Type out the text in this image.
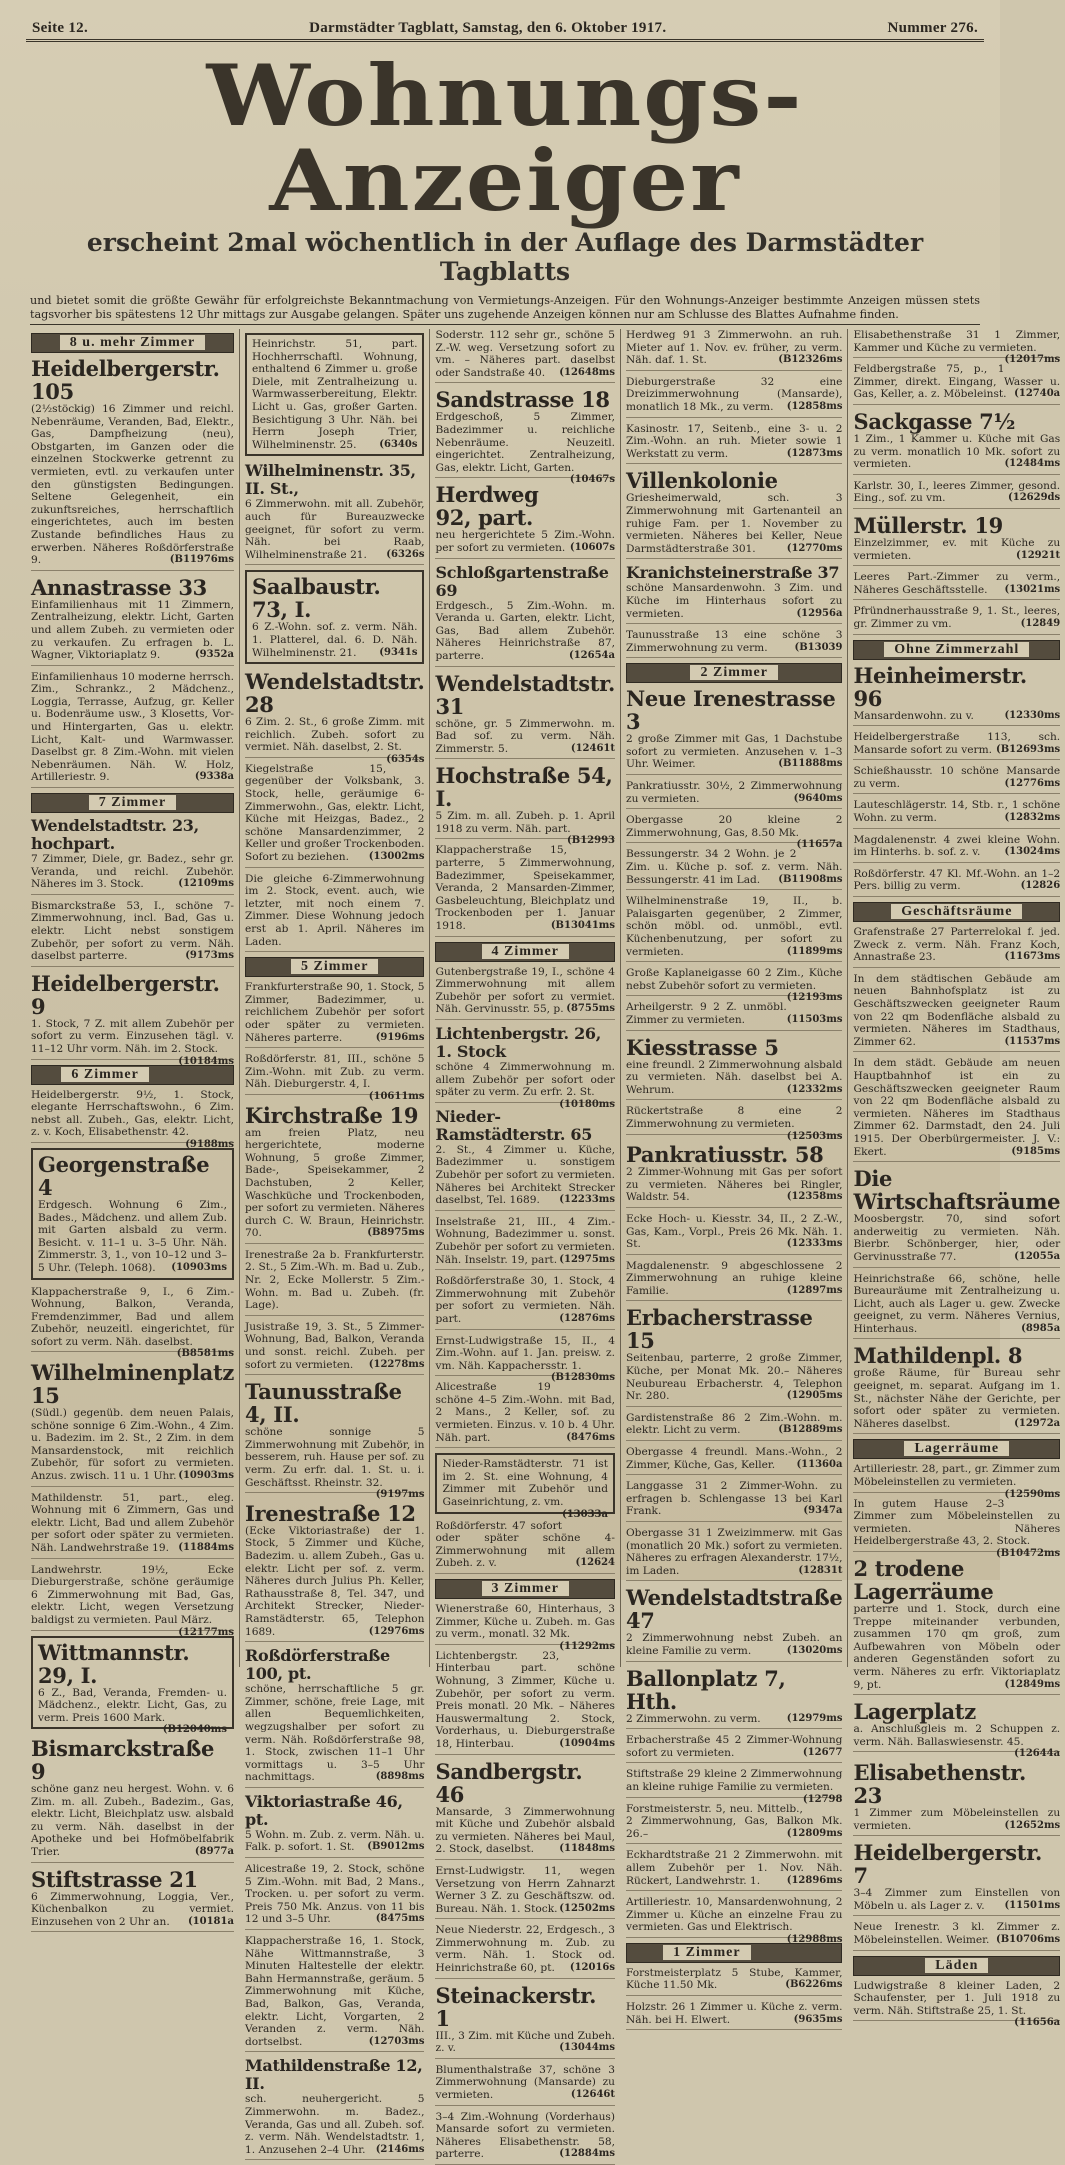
Seite 12.	Darmstädter Tagblatt, Samstag, den 6. Oktober 1917.	Nummer 276.
Wohnungs-Anzeiger
erscheint 2mal wöchentlich in der Auflage des Darmstädter Tagblatts
und bietet somit die größte Gewähr für erfolgreichste Bekanntmachung von Vermietungs-Anzeigen. Für den Wohnungs-Anzeiger bestimmte Anzeigen müssen stets tagsvorher bis spätestens 12 Uhr mittags zur Ausgabe gelangen. Später uns zugehende Anzeigen können nur am Schlusse des Blattes Aufnahme finden.
8 u. mehr Zimmer
Heidelbergerstr. 105

(2½stöckig) 16 Zimmer und reichl. Nebenräume, Veranden, Bad, Elektr., Gas, Dampfheizung (neu), Obstgarten, im Ganzen oder die einzelnen Stockwerke getrennt zu vermieten, evtl. zu verkaufen unter den günstigsten Bedingungen. Seltene Gelegenheit, ein zukunftsreiches, herrschaftlich eingerichtetes, auch im besten Zustande befindliches Haus zu erwerben. Näheres Roßdörferstraße 9.	(B11976ms

Annastrasse 33

Einfamilienhaus mit 11 Zimmern, Zentralheizung, elektr. Licht, Garten und allem Zubeh. zu vermieten oder zu verkaufen. Zu erfragen b. L. Wagner, Viktoriaplatz 9.	(9352a

Einfamilienhaus 10 moderne herrsch. Zim., Schrankz., 2 Mädchenz., Loggia, Terrasse, Aufzug, gr. Keller u. Bodenräume usw., 3 Klosetts, Vor- und Hintergarten, Gas u. elektr. Licht, Kalt- und Warmwasser. Daselbst gr. 8 Zim.-Wohn. mit vielen Nebenräumen. Näh. W. Holz, Artilleriestr. 9.	(9338a

7 Zimmer
Wendelstadtstr. 23, hochpart.

7 Zimmer, Diele, gr. Badez., sehr gr. Veranda, und reichl. Zubehör. Näheres im 3. Stock.	(12109ms

Bismarckstraße 53, I., schöne 7-Zimmerwohnung, incl. Bad, Gas u. elektr. Licht nebst sonstigem Zubehör, per sofort zu verm. Näh. daselbst parterre.	(9173ms

Heidelbergerstr. 9

1. Stock, 7 Z. mit allem Zubehör per sofort zu verm. Einzusehen tägl. v. 11–12 Uhr vorm. Näh. im 2. Stock.
(10184ms

6 Zimmer

Heidelbergerstr. 9½, 1. Stock, elegante Herrschaftswohn., 6 Zim. nebst all. Zubeh., Gas, elektr. Licht, z. v. Koch, Elisabethenstr. 42.
(9188ms

Georgenstraße 4

Erdgesch. Wohnung 6 Zim., Bades., Mädchenz. und allem Zub. mit Garten alsbald zu verm. Besicht. v. 11–1 u. 3–5 Uhr. Näh. Zimmerstr. 3, 1., von 10–12 und 3–5 Uhr. (Teleph. 1068). (10903ms

Klappacherstraße 9, I., 6 Zim.-Wohnung, Balkon, Veranda, Fremdenzimmer, Bad und allem Zubehör, neuzeitl. eingerichtet, für sofort zu verm. Näh. daselbst.
(B8581ms

Wilhelminenplatz 15

(Südl.) gegenüb. dem neuen Palais, schöne sonnige 6 Zim.-Wohn., 4 Zim. u. Badezim. im 2. St., 2 Zim. in dem Mansardenstock, mit reichlich Zubehör, für sofort zu vermieten. Anzus. zwisch. 11 u. 1 Uhr. (10903ms

Mathildenstr. 51, part., eleg. Wohnung mit 6 Zimmern, Gas und elektr. Licht, Bad und allem Zubehör per sofort oder später zu vermieten. Näh. Landwehrstraße 19. (11884ms

Landwehrstr. 19½, Ecke Dieburgerstraße, schöne geräumige 6 Zimmerwohnung mit Bad, Gas, elektr. Licht, wegen Versetzung baldigst zu vermieten. Paul März.
(12177ms

Wittmannstr. 29, I.

6 Z., Bad, Veranda, Fremden- u. Mädchenz., elektr. Licht, Gas, zu verm. Preis 1600 Mark.
(B12040ms

Bismarckstraße 9

schöne ganz neu hergest. Wohn. v. 6 Zim. m. all. Zubeh., Badezim., Gas, elektr. Licht, Bleichplatz usw. alsbald zu verm. Näh. daselbst in der Apotheke und bei Hofmöbelfabrik Trier.	(8977a

Stiftstrasse 21

6 Zimmerwohnung, Loggia, Ver., Küchenbalkon zu vermiet. Einzusehen von 2 Uhr an. (10181a

Heinrichstr. 51, part. Hochherrschaftl. Wohnung, enthaltend 6 Zimmer u. große Diele, mit Zentralheizung u. Warmwasserbereitung, Elektr. Licht u. Gas, großer Garten. Besichtigung 3 Uhr. Näh. bei Herrn Joseph Trier, Wilhelminenstr. 25. (6340s

Wilhelminenstr. 35, II. St.,

6 Zimmerwohn. mit all. Zubehör, auch für Bureauzwecke geeignet, für sofort zu verm. Näh. bei Raab, Wilhelminenstraße 21. (6326s

Saalbaustr. 73, I.

6 Z.-Wohn. sof. z. verm. Näh. 1. Platterel, dal. 6. D. Näh. Wilhelminenstr. 21. (9341s

Wendelstadtstr. 28

6 Zim. 2. St., 6 große Zimm. mit reichlich. Zubeh. sofort zu vermiet. Näh. daselbst, 2. St.
(6354s

Kiegelstraße 15, gegenüber der Volksbank, 3. Stock, helle, geräumige 6-Zimmerwohn., Gas, elektr. Licht, Küche mit Heizgas, Badez., 2 schöne Mansardenzimmer, 2 Keller und großer Trockenboden. Sofort zu beziehen. (13002ms

Die gleiche 6-Zimmerwohnung im 2. Stock, event. auch, wie letzter, mit noch einem 7. Zimmer. Diese Wohnung jedoch erst ab 1. April. Näheres im Laden.

5 Zimmer

Frankfurterstraße 90, 1. Stock, 5 Zimmer, Badezimmer, u. reichlichem Zubehör per sofort oder später zu vermieten. Näheres parterre.	(9196ms

Roßdörferstr. 81, III., schöne 5 Zim.-Wohn. mit Zub. zu verm. Näh. Dieburgerstr. 4, I.
(10611ms

Kirchstraße 19

am freien Platz, neu hergerichtete, moderne Wohnung, 5 große Zimmer, Bade-, Speisekammer, 2 Dachstuben, 2 Keller, Waschküche und Trockenboden, per sofort zu vermieten. Näheres durch C. W. Braun, Heinrichstr. 70.	(B8975ms

Irenestraße 2a b. Frankfurterstr. 2. St., 5 Zim.-Wh. m. Bad u. Zub., Nr. 2, Ecke Mollerstr. 5 Zim.-Wohn. m. Bad u. Zubeh. (fr. Lage).

Jusistraße 19, 3. St., 5 Zimmer-Wohnung, Bad, Balkon, Veranda und sonst. reichl. Zubeh. per sofort zu vermieten. (12278ms

Taunusstraße 4, II.

schöne sonnige 5 Zimmerwohnung mit Zubehör, in besserem, ruh. Hause per sof. zu verm. Zu erfr. dal. 1. St. u. i. Geschäftsst. Rheinstr. 32.
(9197ms

Irenestraße 12

(Ecke Viktoriastraße) der 1. Stock, 5 Zimmer und Küche, Badezim. u. allem Zubeh., Gas u. elektr. Licht per sof. z. verm. Näheres durch Julius Ph. Keller, Rathausstraße 8, Tel. 347, und Architekt Strecker, Nieder-Ramstädterstr. 65, Telephon 1689.	(12976ms

Roßdörferstraße 100, pt.

schöne, herrschaftliche 5 gr. Zimmer, schöne, freie Lage, mit allen Bequemlichkeiten, wegzugshalber per sofort zu verm. Näh. Roßdörferstraße 98, 1. Stock, zwischen 11–1 Uhr vormittags u. 3–5 Uhr nachmittags.	(8898ms

Viktoriastraße 46, pt.

5 Wohn. m. Zub. z. verm. Näh. u. Falk. p. sofort. 1. St. (B9012ms

Alicestraße 19, 2. Stock, schöne 5 Zim.-Wohn. mit Bad, 2 Mans., Trocken. u. per sofort zu verm. Preis 750 Mk. Anzus. von 11 bis 12 und 3–5 Uhr.	(8475ms

Klappacherstraße 16, 1. Stock, Nähe Wittmannstraße, 3 Minuten Haltestelle der elektr. Bahn Hermannstraße, geräum. 5 Zimmerwohnung mit Küche, Bad, Balkon, Gas, Veranda, elektr. Licht, Vorgarten, 2 Veranden z. verm. Näh. dortselbst.	(12703ms

Mathildenstraße 12, II.

sch. neuhergericht. 5 Zimmerwohn. m. Badez., Veranda, Gas und all. Zubeh. sof. z. verm. Näh. Wendelstadtstr. 1, 1. Anzusehen 2–4 Uhr. (2146ms

Soderstr. 112 sehr gr., schöne 5 Z.-W. weg. Versetzung sofort zu vm. – Näheres part. daselbst oder Sandstraße 40. (12648ms

Sandstrasse 18

Erdgeschoß, 5 Zimmer, Badezimmer u. reichliche Nebenräume. Neuzeitl. eingerichtet. Zentralheizung, Gas, elektr. Licht, Garten.
(10467s

Herdweg 92, part.

neu hergerichtete 5 Zim.-Wohn. per sofort zu vermieten. (10607s

Schloßgartenstraße 69

Erdgesch., 5 Zim.-Wohn. m. Veranda u. Garten, elektr. Licht, Gas, Bad allem Zubehör. Näheres Heinrichstraße 87, parterre.	(12654a

Wendelstadtstr. 31

schöne, gr. 5 Zimmerwohn. m. Bad sof. zu verm. Näh. Zimmerstr. 5.	(12461t

Hochstraße 54, I.

5 Zim. m. all. Zubeh. p. 1. April 1918 zu verm. Näh. part.
(B12993

Klappacherstraße 15, parterre, 5 Zimmerwohnung, Badezimmer, Speisekammer, Veranda, 2 Mansarden-Zimmer, Gasbeleuchtung, Bleichplatz und Trockenboden per 1. Januar 1918.	(B13041ms

4 Zimmer

Gutenbergstraße 19, I., schöne 4 Zimmerwohnung mit allem Zubehör per sofort zu vermiet. Näh. Gervinusstr. 55, p. (8755ms

Lichtenbergstr. 26, 1. Stock

schöne 4 Zimmerwohnung m. allem Zubehör per sofort oder später zu verm. Zu erfr. 2. St.
(10180ms

Nieder-Ramstädterstr. 65

2. St., 4 Zimmer u. Küche, Badezimmer u. sonstigem Zubehör per sofort zu vermieten. Näheres bei Architekt Strecker daselbst, Tel. 1689. (12233ms

Inselstraße 21, III., 4 Zim.-Wohnung, Badezimmer u. sonst. Zubehör per sofort zu vermieten. Näh. Inselstr. 19, part. (12975ms

Roßdörferstraße 30, 1. Stock, 4 Zimmerwohnung mit Zubehör per sofort zu vermieten. Näh. part.	(12876ms

Ernst-Ludwigstraße 15, II., 4 Zim.-Wohn. auf 1. Jan. preisw. z. vm. Näh. Kappachersstr. 1.
(B12830ms

Alicestraße 19 schöne 4–5 Zim.-Wohn. mit Bad, 2 Mans., 2 Keller, sof. zu vermieten. Einzus. v. 10 b. 4 Uhr. Näh. part.	(8476ms

Nieder-Ramstädterstr. 71 ist im 2. St. eine Wohnung, 4 Zimmer mit Zubehör und Gaseinrichtung, z. vm.
(13033a

Roßdörferstr. 47 sofort oder später schöne 4-Zimmerwohnung mit allem Zubeh. z. v.	(12624

3 Zimmer

Wienerstraße 60, Hinterhaus, 3 Zimmer, Küche u. Zubeh. m. Gas zu verm., monatl. 32 Mk.
(11292ms

Lichtenbergstr. 23, Hinterbau part. schöne Wohnung, 3 Zimmer, Küche u. Zubehör, per sofort zu verm. Preis monatl. 20 Mk. – Näheres Hauswermaltung 2. Stock, Vorderhaus, u. Dieburgerstraße 18, Hinterbau.	(10904ms

Sandbergstr. 46

Mansarde, 3 Zimmerwohnung mit Küche und Zubehör alsbald zu vermieten. Näheres bei Maul, 2. Stock, daselbst.	(11848ms

Ernst-Ludwigstr. 11, wegen Versetzung von Herrn Zahnarzt Werner 3 Z. zu Geschäftszw. od. Bureau. Näh. 1. Stock. (12502ms

Neue Niederstr. 22, Erdgesch., 3 Zimmerwohnung m. Zub. zu verm. Näh. 1. Stock od. Heinrichstraße 60, pt. (12016s

Steinackerstr. 1

III., 3 Zim. mit Küche und Zubeh. z. v.	(13044ms

Blumenthalstraße 37, schöne 3 Zimmerwohnung (Mansarde) zu vermieten.	(12646t

3–4 Zim.-Wohnung (Vorderhaus) Mansarde sofort zu vermieten. Näheres Elisabethenstr. 58, parterre.	(12884ms

Herdweg 91 3 Zimmerwohn. an ruh. Mieter auf 1. Nov. ev. früher, zu verm. Näh. daf. 1. St.	(B12326ms

Dieburgerstraße 32 eine Dreizimmerwohnung (Mansarde), monatlich 18 Mk., zu verm. (12858ms

Kasinostr. 17, Seitenb., eine 3- u. 2 Zim.-Wohn. an ruh. Mieter sowie 1 Werkstatt zu verm.	(12873ms

Villenkolonie

Griesheimerwald, sch. 3 Zimmerwohnung mit Gartenanteil an ruhige Fam. per 1. November zu vermieten. Näheres bei Keller, Neue Darmstädterstraße 301.	(12770ms

Kranichsteinerstraße 37

schöne Mansardenwohn. 3 Zim. und Küche im Hinterhaus sofort zu vermieten.	(12956a

Taunusstraße 13 eine schöne 3 Zimmerwohnung zu verm.	(B13039

2 Zimmer
Neue Irenestrasse 3

2 große Zimmer mit Gas, 1 Dachstube sofort zu vermieten. Anzusehen v. 1–3 Uhr. Weimer.	(B11888ms

Pankratiusstr. 30½, 2 Zimmerwohnung zu vermieten.	(9640ms

Obergasse 20 kleine 2 Zimmerwohnung, Gas, 8.50 Mk.
(11657a

Bessungerstr. 34 2 Wohn. je 2 Zim. u. Küche p. sof. z. verm. Näh. Bessungerstr. 41 im Lad. (B11908ms

Wilhelminenstraße 19, II., b. Palaisgarten gegenüber, 2 Zimmer, schön möbl. od. unmöbl., evtl. Küchenbenutzung, per sofort zu vermieten.	(11899ms

Große Kaplaneigasse 60 2 Zim., Küche nebst Zubehör sofort zu vermieten.
(12193ms

Arheilgerstr. 9 2 Z. unmöbl. Zimmer zu vermieten.	(11503ms

Kiesstrasse 5

eine freundl. 2 Zimmerwohnung alsbald zu vermieten. Näh. daselbst bei A. Wehrum.	(12332ms

Rückertstraße 8 eine 2 Zimmerwohnung zu vermieten.
(12503ms

Pankratiusstr. 58

2 Zimmer-Wohnung mit Gas per sofort zu vermieten. Näheres bei Ringler, Waldstr. 54.	(12358ms

Ecke Hoch- u. Kiesstr. 34, II., 2 Z.-W., Gas, Kam., Vorpl., Preis 26 Mk. Näh. 1. St.	(12333ms

Magdalenenstr. 9 abgeschlossene 2 Zimmerwohnung an ruhige kleine Familie.	(12897ms

Erbacherstrasse 15

Seitenbau, parterre, 2 große Zimmer, Küche, per Monat Mk. 20.– Näheres Neubureau Erbacherstr. 4, Telephon Nr. 280.	(12905ms

Gardistenstraße 86 2 Zim.-Wohn. m. elektr. Licht zu verm.	(B12889ms

Obergasse 4 freundl. Mans.-Wohn., 2 Zimmer, Küche, Gas, Keller. (11360a

Langgasse 31 2 Zimmer-Wohn. zu erfragen b. Schlengasse 13 bei Karl Frank.	(9347a

Obergasse 31 1 Zweizimmerw. mit Gas (monatlich 20 Mk.) sofort zu vermieten. Näheres zu erfragen Alexanderstr. 17½, im Laden.	(12831t

Wendelstadtstraße 47

2 Zimmerwohnung nebst Zubeh. an kleine Familie zu verm.	(13020ms

Ballonplatz 7, Hth.

2 Zimmerwohn. zu verm.	(12979ms

Erbacherstraße 45 2 Zimmer-Wohnung sofort zu vermieten.	(12677

Stiftstraße 29 kleine 2 Zimmerwohnung an kleine ruhige Familie zu vermieten.
(12798

Forstmeisterstr. 5, neu. Mittelb., 2 Zimmerwohnung, Gas, Balkon Mk. 26.–	(12809ms

Eckhardtstraße 21 2 Zimmerwohn. mit allem Zubehör per 1. Nov. Näh. Rückert, Landwehrstr. 1.	(12896ms

Artilleriestr. 10, Mansardenwohnung, 2 Zimmer u. Küche an einzelne Frau zu vermieten. Gas und Elektrisch.
(12988ms

1 Zimmer

Forstmeisterplatz 5 Stube, Kammer, Küche 11.50 Mk.	(B6226ms

Holzstr. 26 1 Zimmer u. Küche z. verm. Näh. bei H. Elwert.	(9635ms

Elisabethenstraße 31 1 Zimmer, Kammer und Küche zu vermieten.
(12017ms

Feldbergstraße 75, p., 1 Zimmer, direkt. Eingang, Wasser u. Gas, Keller, a. z. Möbeleinst. (12740a

Sackgasse 7½

1 Zim., 1 Kammer u. Küche mit Gas zu verm. monatlich 10 Mk. sofort zu vermieten.	(12484ms

Karlstr. 30, I., leeres Zimmer, gesond. Eing., sof. zu vm.	(12629ds

Müllerstr. 19

Einzelzimmer, ev. mit Küche zu vermieten.	(12921t

Leeres Part.-Zimmer zu verm., Näheres Geschäftsstelle. (13021ms

Pfründnerhausstraße 9, 1. St., leeres, gr. Zimmer zu vm.	(12849

Ohne Zimmerzahl
Heinheimerstr. 96

Mansardenwohn. zu v.	(12330ms

Heidelbergerstraße 113, sch. Mansarde sofort zu verm. (B12693ms

Schießhausstr. 10 schöne Mansarde zu verm.	(12776ms

Lauteschlägerstr. 14, Stb. r., 1 schöne Wohn. zu verm.	(12832ms

Magdalenenstr. 4 zwei kleine Wohn. im Hinterhs. b. sof. z. v. (13024ms

Roßdörferstr. 47 Kl. Mf.-Wohn. an 1–2 Pers. billig zu verm.	(12826

Geschäftsräume

Grafenstraße 27 Parterrelokal f. jed. Zweck z. verm. Näh. Franz Koch, Annastraße 23.	(11673ms

In dem städtischen Gebäude am neuen Bahnhofsplatz ist zu Geschäftszwecken geeigneter Raum von 22 qm Bodenfläche alsbald zu vermieten. Näheres im Stadthaus, Zimmer 62.	(11537ms

In dem städt. Gebäude am neuen Hauptbahnhof ist ein zu Geschäftszwecken geeigneter Raum von 22 qm Bodenfläche alsbald zu vermieten. Näheres im Stadthaus Zimmer 62. Darmstadt, den 24. Juli 1915. Der Oberbürgermeister. J. V.: Ekert.	(9185ms

Die Wirtschaftsräume

Moosbergstr. 70, sind sofort anderweitig zu vermieten. Näh. Bierbr. Schönberger, hier, oder Gervinusstraße 77.	(12055a

Heinrichstraße 66, schöne, helle Bureauräume mit Zentralheizung u. Licht, auch als Lager u. gew. Zwecke geeignet, zu verm. Näheres Vernius, Hinterhaus.	(8985a

Mathildenpl. 8

große Räume, für Bureau sehr geeignet, m. separat. Aufgang im 1. St., nächster Nähe der Gerichte, per sofort oder später zu vermieten. Näheres daselbst.	(12972a

Lagerräume

Artilleriestr. 28, part., gr. Zimmer zum Möbeleinstellen zu vermieten.
(12590ms

In gutem Hause 2–3 Zimmer zum Möbeleinstellen zu vermieten. Näheres Heidelbergerstraße 43, 2. Stock.
(B10472ms

2 trodene Lagerräume

parterre und 1. Stock, durch eine Treppe miteinander verbunden, zusammen 170 qm groß, zum Aufbewahren von Möbeln oder anderen Gegenständen sofort zu verm. Näheres zu erfr. Viktoriaplatz 9, pt.	(12849ms

Lagerplatz

a. Anschlußgleis m. 2 Schuppen z. verm. Näh. Ballaswiesenstr. 45.
(12644a

Elisabethenstr. 23

1 Zimmer zum Möbeleinstellen zu vermieten.	(12652ms

Heidelbergerstr. 7

3–4 Zimmer zum Einstellen von Möbeln u. als Lager z. v. (11501ms

Neue Irenestr. 3 kl. Zimmer z. Möbeleinstellen. Weimer. (B10706ms

Läden

Ludwigstraße 8 kleiner Laden, 2 Schaufenster, per 1. Juli 1918 zu verm. Näh. Stiftstraße 25, 1. St.
(11656a
